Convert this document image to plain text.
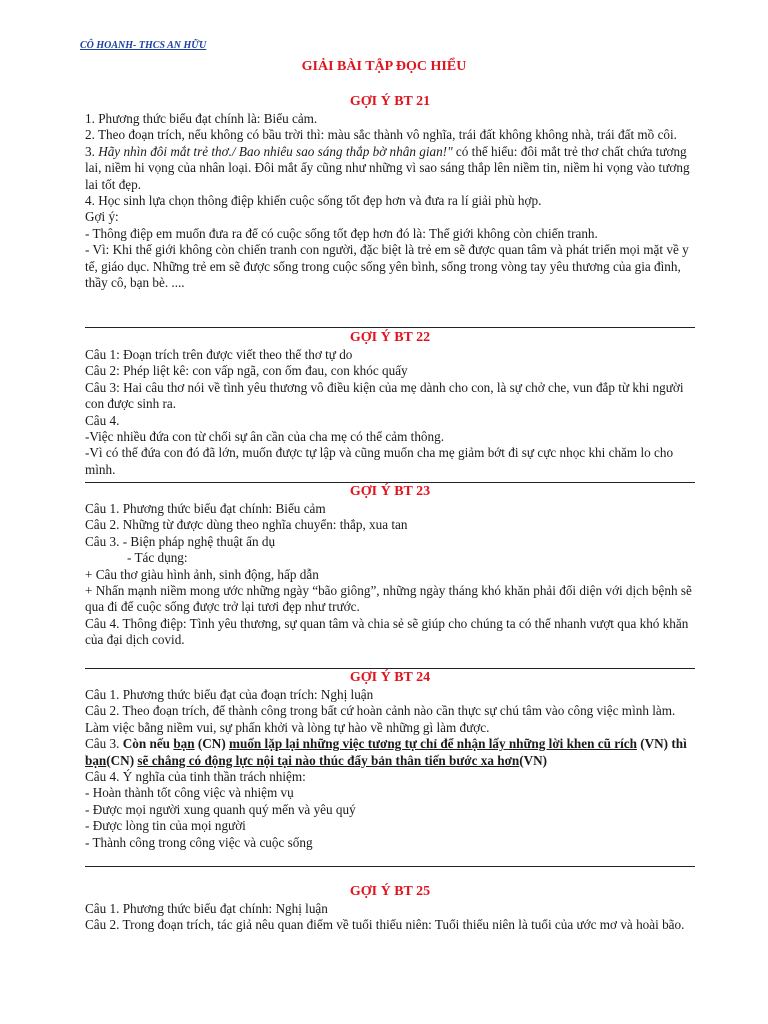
CÔ HOANH- THCS AN HỮU
GIẢI BÀI TẬP ĐỌC HIỂU
GỢI Ý BT 21
1. Phương thức biểu đạt chính là: Biểu cảm.
2. Theo đoạn trích, nếu không có bầu trời thì: màu sắc thành vô nghĩa, trái đất không không nhà, trái đất mồ côi.
3. Hãy nhìn đôi mắt trẻ thơ./ Bao nhiêu sao sáng thắp bờ nhân gian!" có thể hiểu: đôi mắt trẻ thơ chất chứa tương lai, niềm hi vọng của nhân loại. Đôi mắt ấy cũng như những vì sao sáng thắp lên niềm tin, niềm hi vọng vào tương lai tốt đẹp.
4. Học sinh lựa chọn thông điệp khiến cuộc sống tốt đẹp hơn và đưa ra lí giải phù hợp.
Gợi ý:
- Thông điệp em muốn đưa ra để có cuộc sống tốt đẹp hơn đó là: Thế giới không còn chiến tranh.
- Vì: Khi thế giới không còn chiến tranh con người, đặc biệt là trẻ em sẽ được quan tâm và phát triển mọi mặt về y tế, giáo dục. Những trẻ em sẽ được sống trong cuộc sống yên bình, sống trong vòng tay yêu thương của gia đình, thầy cô, bạn bè. ....
GỢI Ý BT 22
Câu 1: Đoạn trích trên được viết theo thể thơ tự do
Câu 2: Phép liệt kê: con vấp ngã, con ốm đau, con khóc quấy
Câu 3: Hai câu thơ nói về tình yêu thương vô điều kiện của mẹ dành cho con, là sự chở che, vun đắp từ khi người con được sinh ra.
Câu 4.
-Việc nhiều đứa con từ chối sự ân cần của cha mẹ có thể cảm thông.
-Vì có thể đứa con đó đã lớn, muốn được tự lập và cũng muốn cha mẹ giảm bớt đi sự cực nhọc khi chăm lo cho mình.
GỢI Ý BT 23
Câu 1. Phương thức biểu đạt chính: Biểu cảm
Câu 2. Những từ được dùng theo nghĩa chuyển: thắp, xua tan
Câu 3. - Biện pháp nghệ thuật ẩn dụ
- Tác dụng:
+ Câu thơ giàu hình ảnh, sinh động, hấp dẫn
+ Nhấn mạnh niềm mong ước những ngày “bão giông”, những ngày tháng khó khăn phải đối diện với dịch bệnh sẽ qua đi để cuộc sống được trở lại tươi đẹp như trước.
Câu 4. Thông điệp: Tình yêu thương, sự quan tâm và chia sẻ sẽ giúp cho chúng ta có thể nhanh vượt qua khó khăn của đại dịch covid.
GỢI Ý BT 24
Câu 1. Phương thức biểu đạt của đoạn trích: Nghị luận
Câu 2. Theo đoạn trích, để thành công trong bất cứ hoàn cảnh nào cần thực sự chú tâm vào công việc mình làm. Làm việc bằng niềm vui, sự phấn khởi và lòng tự hào về những gì làm được.
Câu 3. Còn nếu bạn (CN) muốn lặp lại những việc tương tự chỉ để nhận lấy những lời khen cũ rích (VN) thì bạn(CN) sẽ chẳng có động lực nội tại nào thúc đẩy bản thân tiến bước xa hơn(VN)
Câu 4. Ý nghĩa của tinh thần trách nhiệm:
- Hoàn thành tốt công việc và nhiệm vụ
- Được mọi người xung quanh quý mến và yêu quý
- Được lòng tin của mọi người
- Thành công trong công việc và cuộc sống
GỢI Ý BT 25
Câu 1. Phương thức biểu đạt chính: Nghị luận
Câu 2. Trong đoạn trích, tác giả nêu quan điểm về tuổi thiếu niên: Tuổi thiếu niên là tuổi của ước mơ và hoài bão.
